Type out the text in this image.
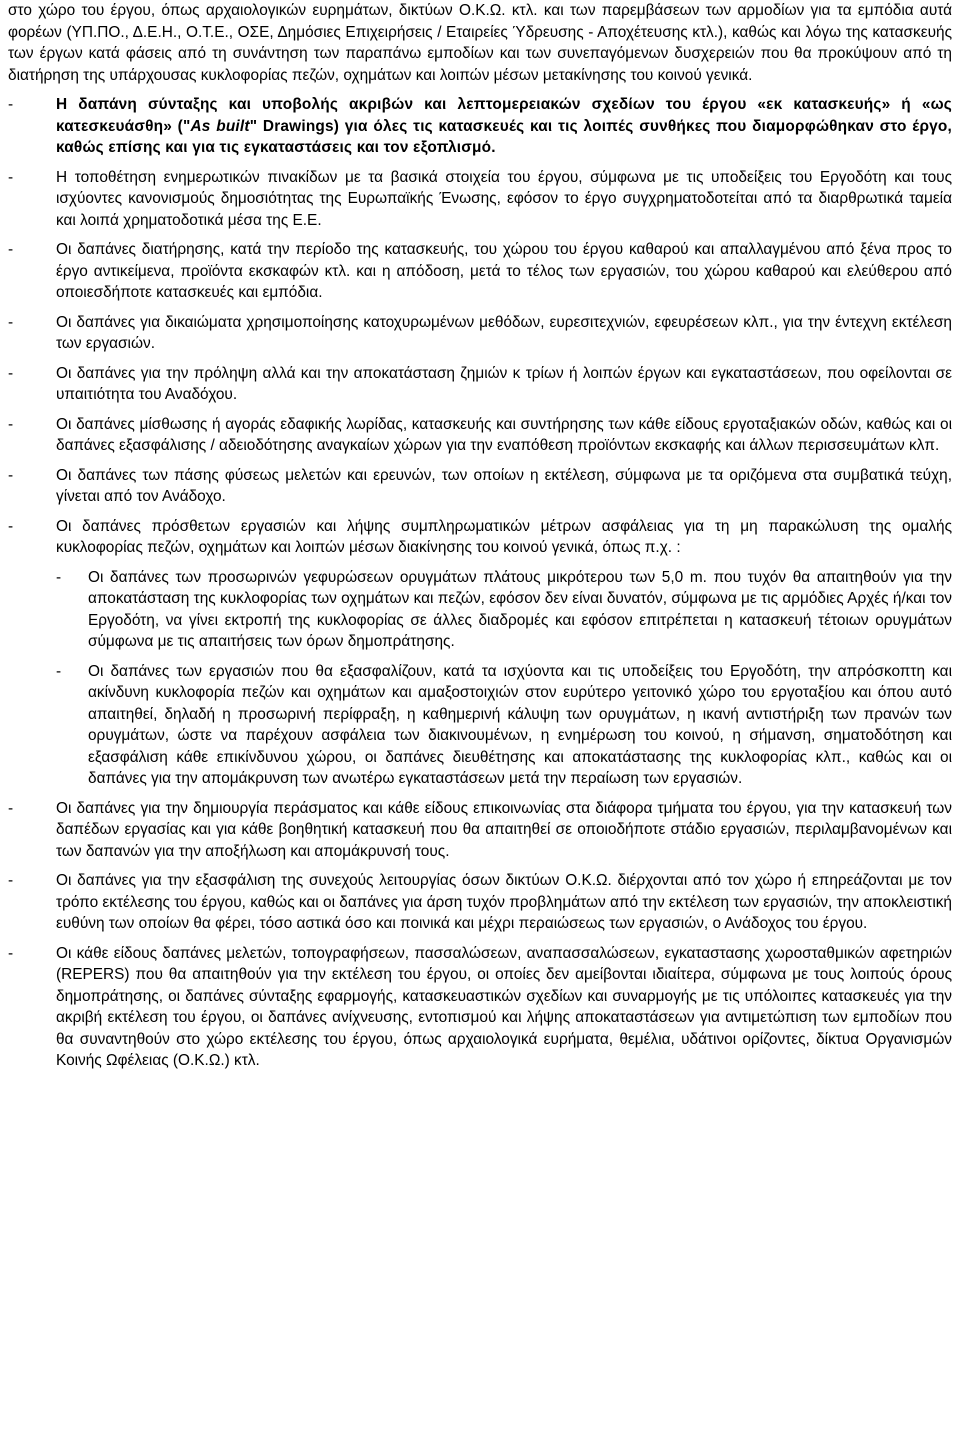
στο χώρο του έργου, όπως αρχαιολογικών ευρημάτων, δικτύων Ο.Κ.Ω. κτλ. και των παρεμβάσεων των αρμοδίων για τα εμπόδια αυτά φορέων (ΥΠ.ΠΟ., Δ.Ε.Η., Ο.Τ.Ε., ΟΣΕ, Δημόσιες Επιχειρήσεις / Εταιρείες Ύδρευσης - Αποχέτευσης κτλ.), καθώς και λόγω της κατασκευής των έργων κατά φάσεις από τη συνάντηση των παραπάνω εμποδίων και των συνεπαγόμενων δυσχερειών που θα προκύψουν από τη διατήρηση της υπάρχουσας κυκλοφορίας πεζών, οχημάτων και λοιπών μέσων μετακίνησης του κοινού γενικά.

-	Η δαπάνη σύνταξης και υποβολής ακριβών και λεπτομερειακών σχεδίων του έργου «εκ κατασκευής» ή «ως κατεσκευάσθη» ("As built" Drawings) για όλες τις κατασκευές και τις λοιπές συνθήκες που διαμορφώθηκαν στο έργο, καθώς επίσης και για τις εγκαταστάσεις και τον εξοπλισμό.

-	Η τοποθέτηση ενημερωτικών πινακίδων με τα βασικά στοιχεία του έργου, σύμφωνα με τις υποδείξεις του Εργοδότη και τους ισχύοντες κανονισμούς δημοσιότητας της Ευρωπαϊκής Ένωσης, εφόσον το έργο συγχρηματοδοτείται από τα διαρθρωτικά ταμεία και λοιπά χρηματοδοτικά μέσα της Ε.Ε.

-	Οι δαπάνες διατήρησης, κατά την περίοδο της κατασκευής, του χώρου του έργου καθαρού και απαλλαγμένου από ξένα προς το έργο αντικείμενα, προϊόντα εκσκαφών κτλ. και η απόδοση, μετά το τέλος των εργασιών, του χώρου καθαρού και ελεύθερου από οποιεσδήποτε κατασκευές και εμπόδια.

-	Οι δαπάνες για δικαιώματα χρησιμοποίησης κατοχυρωμένων μεθόδων, ευρεσιτεχνιών, εφευρέσεων κλπ., για την έντεχνη εκτέλεση των εργασιών.

-	Οι δαπάνες για την πρόληψη αλλά και την αποκατάσταση ζημιών κ τρίων ή λοιπών έργων και εγκαταστάσεων, που οφείλονται σε υπαιτιότητα του Αναδόχου.

-	Οι δαπάνες μίσθωσης ή αγοράς εδαφικής λωρίδας, κατασκευής και συντήρησης των κάθε είδους εργοταξιακών οδών, καθώς και οι δαπάνες εξασφάλισης / αδειοδότησης αναγκαίων χώρων για την εναπόθεση προϊόντων εκσκαφής και άλλων περισσευμάτων κλπ.

-	Οι δαπάνες των πάσης φύσεως μελετών και ερευνών, των οποίων η εκτέλεση, σύμφωνα με τα οριζόμενα στα συμβατικά τεύχη, γίνεται από τον Ανάδοχο.

-	Οι δαπάνες πρόσθετων εργασιών και λήψης συμπληρωματικών μέτρων ασφάλειας για τη μη παρακώλυση της ομαλής κυκλοφορίας πεζών, οχημάτων και λοιπών μέσων διακίνησης του κοινού γενικά, όπως π.χ. :

-	Οι δαπάνες των προσωρινών γεφυρώσεων ορυγμάτων πλάτους μικρότερου των 5,0 m. που τυχόν θα απαιτηθούν για την αποκατάσταση της κυκλοφορίας των οχημάτων και πεζών, εφόσον δεν είναι δυνατόν, σύμφωνα με τις αρμόδιες Αρχές ή/και τον Εργοδότη, να γίνει εκτροπή της κυκλοφορίας σε άλλες διαδρομές και εφόσον επιτρέπεται η κατασκευή τέτοιων ορυγμάτων σύμφωνα με τις απαιτήσεις των όρων δημοπράτησης.

-	Οι δαπάνες των εργασιών που θα εξασφαλίζουν, κατά τα ισχύοντα και τις υποδείξεις του Εργοδότη, την απρόσκοπτη και ακίνδυνη κυκλοφορία πεζών και οχημάτων και αμαξοστοιχιών στον ευρύτερο γειτονικό χώρο του εργοταξίου και όπου αυτό απαιτηθεί, δηλαδή η προσωρινή περίφραξη, η καθημερινή κάλυψη των ορυγμάτων, η ικανή αντιστήριξη των πρανών των ορυγμάτων, ώστε να παρέχουν ασφάλεια των διακινουμένων, η ενημέρωση του κοινού, η σήμανση, σηματοδότηση και εξασφάλιση κάθε επικίνδυνου χώρου, οι δαπάνες διευθέτησης και αποκατάστασης της κυκλοφορίας κλπ., καθώς και οι δαπάνες για την απομάκρυνση των ανωτέρω εγκαταστάσεων μετά την περαίωση των εργασιών.

-	Οι δαπάνες για την δημιουργία περάσματος και κάθε είδους επικοινωνίας στα διάφορα τμήματα του έργου, για την κατασκευή των δαπέδων εργασίας και για κάθε βοηθητική κατασκευή που θα απαιτηθεί σε οποιοδήποτε στάδιο εργασιών, περιλαμβανομένων και των δαπανών για την αποξήλωση και απομάκρυνσή τους.

-	Οι δαπάνες για την εξασφάλιση της συνεχούς λειτουργίας όσων δικτύων Ο.Κ.Ω. διέρχονται από τον χώρο ή επηρεάζονται με τον τρόπο εκτέλεσης του έργου, καθώς και οι δαπάνες για άρση τυχόν προβλημάτων από την εκτέλεση των εργασιών, την αποκλειστική ευθύνη των οποίων θα φέρει, τόσο αστικά όσο και ποινικά και μέχρι περαιώσεως των εργασιών, ο Ανάδοχος του έργου.

-	Οι κάθε είδους δαπάνες μελετών, τοπογραφήσεων, πασσαλώσεων, αναπασσαλώσεων, εγκαταστασης χωροσταθμικών αφετηριών (REPERS) που θα απαιτηθούν για την εκτέλεση του έργου, οι οποίες δεν αμείβονται ιδιαίτερα, σύμφωνα με τους λοιπούς όρους δημοπράτησης, οι δαπάνες σύνταξης εφαρμογής, κατασκευαστικών σχεδίων και συναρμογής με τις υπόλοιπες κατασκευές για την ακριβή εκτέλεση του έργου, οι δαπάνες ανίχνευσης, εντοπισμού και λήψης αποκαταστάσεων για αντιμετώπιση των εμποδίων που θα συναντηθούν στο χώρο εκτέλεσης του έργου, όπως αρχαιολογικά ευρήματα, θεμέλια, υδάτινοι ορίζοντες, δίκτυα Οργανισμών Κοινής Ωφέλειας (Ο.Κ.Ω.) κτλ.
